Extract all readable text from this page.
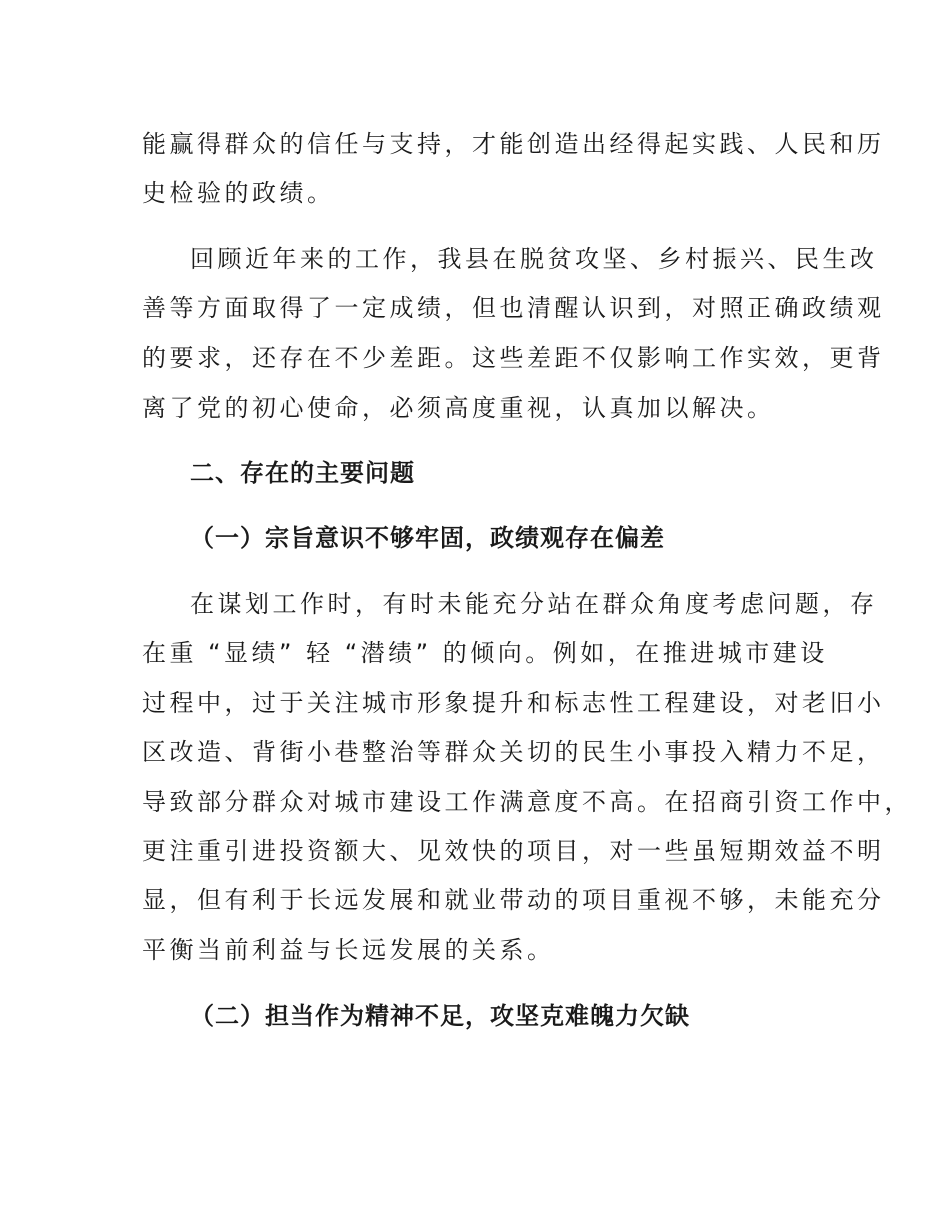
能赢得群众的信任与支持，才能创造出经得起实践、人民和历
史检验的政绩。
回顾近年来的工作，我县在脱贫攻坚、乡村振兴、民生改
善等方面取得了一定成绩，但也清醒认识到，对照正确政绩观
的要求，还存在不少差距。这些差距不仅影响工作实效，更背
离了党的初心使命，必须高度重视，认真加以解决。
二、存在的主要问题
（一）宗旨意识不够牢固，政绩观存在偏差
在谋划工作时，有时未能充分站在群众角度考虑问题，存
在重 “显绩” 轻 “潜绩” 的倾向。例如，在推进城市建设
过程中，过于关注城市形象提升和标志性工程建设，对老旧小
区改造、背街小巷整治等群众关切的民生小事投入精力不足，
导致部分群众对城市建设工作满意度不高。在招商引资工作中，
更注重引进投资额大、见效快的项目，对一些虽短期效益不明
显，但有利于长远发展和就业带动的项目重视不够，未能充分
平衡当前利益与长远发展的关系。
（二）担当作为精神不足，攻坚克难魄力欠缺
